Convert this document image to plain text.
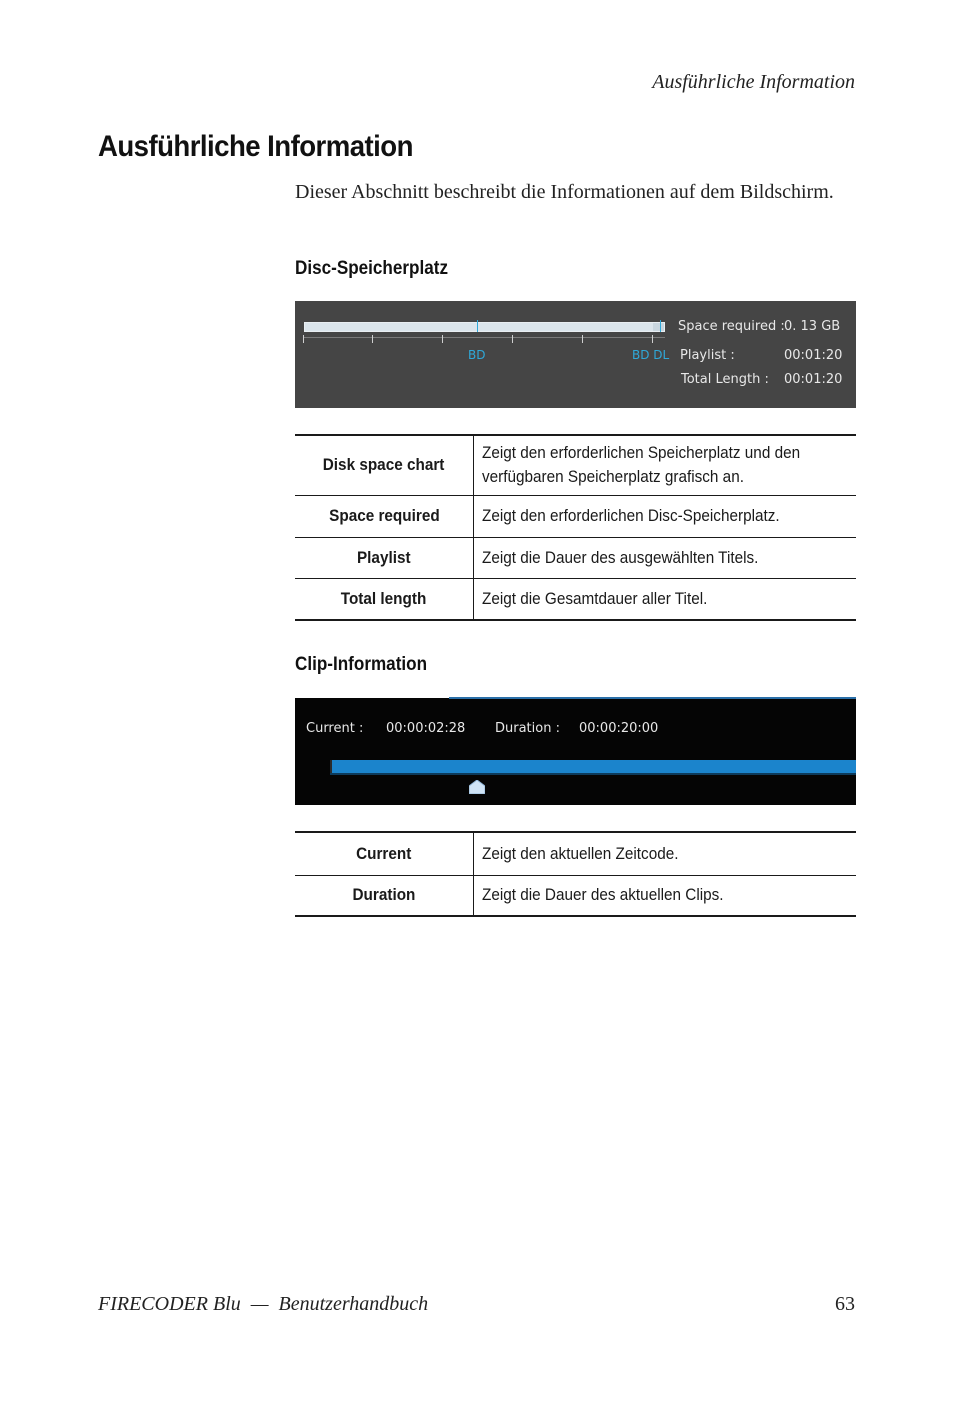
Ausführliche Information
Ausführliche Information

Dieser Abschnitt beschreibt die Informationen auf dem Bildschirm.

Disc-Speicherplatz
BD	BD DL
Space required : 0. 13 GB
Playlist :	00:01:20
Total Length : 00:01:20
Disk space chart	Zeigt den erforderlichen Speicherplatz und den
verfügbaren Speicherplatz grafisch an.
Space required	Zeigt den erforderlichen Disc-Speicherplatz.
Playlist	Zeigt die Dauer des ausgewählten Titels.
Total length	Zeigt die Gesamtdauer aller Titel.
Clip-Information
Current : 00:00:02:28 Duration : 00:00:20:00
Current	Zeigt den aktuellen Zeitcode.
Duration	Zeigt die Dauer des aktuellen Clips.
FIRECODER Blu  —  Benutzerhandbuch	63
